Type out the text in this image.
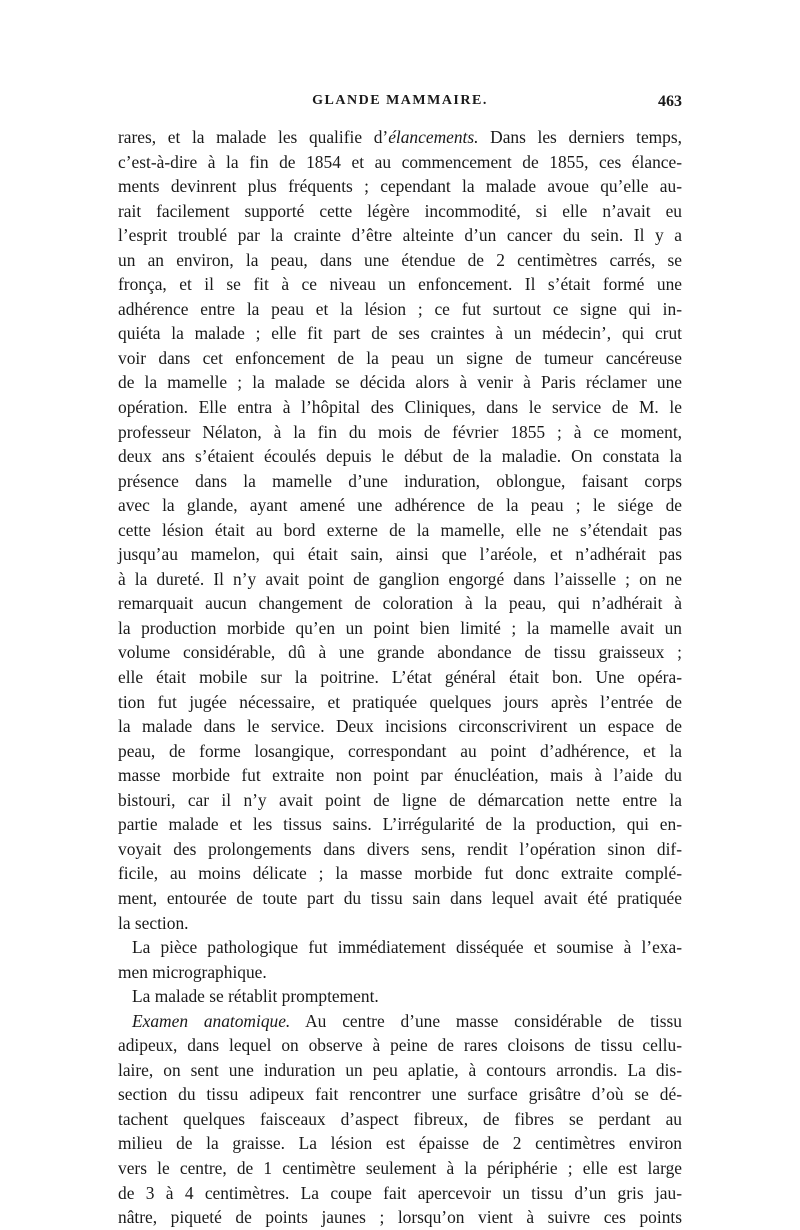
GLANDE MAMMAIRE.	463
rares, et la malade les qualifie d’élancements. Dans les derniers temps,
c’est-à-dire à la fin de 1854 et au commencement de 1855, ces élance-
ments devinrent plus fréquents ; cependant la malade avoue qu’elle au-
rait facilement supporté cette légère incommodité, si elle n’avait eu
l’esprit troublé par la crainte d’être alteinte d’un cancer du sein. Il y a
un an environ, la peau, dans une étendue de 2 centimètres carrés, se
fronça, et il se fit à ce niveau un enfoncement. Il s’était formé une
adhérence entre la peau et la lésion ; ce fut surtout ce signe qui in-
quiéta la malade ; elle fit part de ses craintes à un médecin’, qui crut
voir dans cet enfoncement de la peau un signe de tumeur cancéreuse
de la mamelle ; la malade se décida alors à venir à Paris réclamer une
opération. Elle entra à l’hôpital des Cliniques, dans le service de M. le
professeur Nélaton, à la fin du mois de février 1855 ; à ce moment,
deux ans s’étaient écoulés depuis le début de la maladie. On constata la
présence dans la mamelle d’une induration, oblongue, faisant corps
avec la glande, ayant amené une adhérence de la peau ; le siége de
cette lésion était au bord externe de la mamelle, elle ne s’étendait pas
jusqu’au mamelon, qui était sain, ainsi que l’aréole, et n’adhérait pas
à la dureté. Il n’y avait point de ganglion engorgé dans l’aisselle ; on ne
remarquait aucun changement de coloration à la peau, qui n’adhérait à
la production morbide qu’en un point bien limité ; la mamelle avait un
volume considérable, dû à une grande abondance de tissu graisseux ;
elle était mobile sur la poitrine. L’état général était bon. Une opéra-
tion fut jugée nécessaire, et pratiquée quelques jours après l’entrée de
la malade dans le service. Deux incisions circonscrivirent un espace de
peau, de forme losangique, correspondant au point d’adhérence, et la
masse morbide fut extraite non point par énucléation, mais à l’aide du
bistouri, car il n’y avait point de ligne de démarcation nette entre la
partie malade et les tissus sains. L’irrégularité de la production, qui en-
voyait des prolongements dans divers sens, rendit l’opération sinon dif-
ficile, au moins délicate ; la masse morbide fut donc extraite complé-
ment, entourée de toute part du tissu sain dans lequel avait été pratiquée
la section.
La pièce pathologique fut immédiatement disséquée et soumise à l’exa-
men micrographique.
La malade se rétablit promptement.
Examen anatomique. Au centre d’une masse considérable de tissu
adipeux, dans lequel on observe à peine de rares cloisons de tissu cellu-
laire, on sent une induration un peu aplatie, à contours arrondis. La dis-
section du tissu adipeux fait rencontrer une surface grisâtre d’où se dé-
tachent quelques faisceaux d’aspect fibreux, de fibres se perdant au
milieu de la graisse. La lésion est épaisse de 2 centimètres environ
vers le centre, de 1 centimètre seulement à la périphérie ; elle est large
de 3 à 4 centimètres. La coupe fait apercevoir un tissu d’un gris jau-
nâtre, piqueté de points jaunes ; lorsqu’on vient à suivre ces points
